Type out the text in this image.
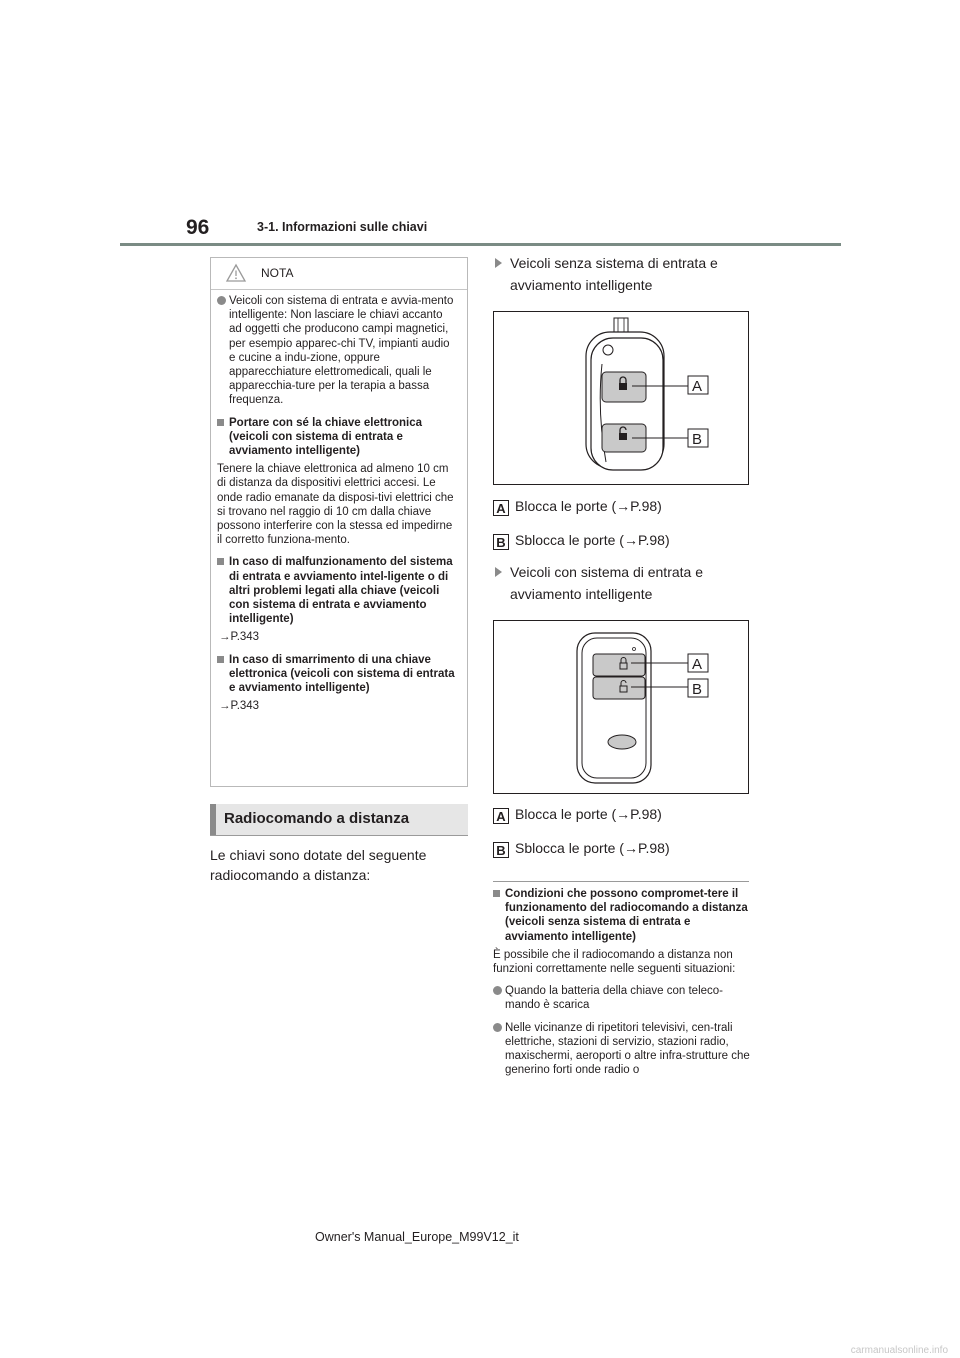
96	3-1. Informazioni sulle chiavi
NOTA

Veicoli con sistema di entrata e avvia-mento intelligente: Non lasciare le chiavi accanto ad oggetti che producono campi magnetici, per esempio apparec-chi TV, impianti audio e cucine a indu-zione, oppure apparecchiature elettromedicali, quali le apparecchia-ture per la terapia a bassa frequenza.

Portare con sé la chiave elettronica (veicoli con sistema di entrata e avviamento intelligente)

Tenere la chiave elettronica ad almeno 10 cm di distanza da dispositivi elettrici accesi. Le onde radio emanate da disposi-tivi elettrici che si trovano nel raggio di 10 cm dalla chiave possono interferire con la stessa ed impedirne il corretto funziona-mento.

In caso di malfunzionamento del sistema di entrata e avviamento intel-ligente o di altri problemi legati alla chiave (veicoli con sistema di entrata e avviamento intelligente)

→P.343

In caso di smarrimento di una chiave elettronica (veicoli con sistema di entrata e avviamento intelligente)

→P.343

Radiocomando a distanza
Le chiavi sono dotate del seguente radiocomando a distanza:
Veicoli senza sistema di entrata e avviamento intelligente
A
B
A Blocca le porte (→P.98)
B Sblocca le porte (→P.98)
Veicoli con sistema di entrata e avviamento intelligente
A
B
A Blocca le porte (→P.98)
B Sblocca le porte (→P.98)

Condizioni che possono compromet-tere il funzionamento del radiocomando a distanza (veicoli senza sistema di entrata e avviamento intelligente)

È possibile che il radiocomando a distanza non funzioni correttamente nelle seguenti situazioni:

Quando la batteria della chiave con teleco-mando è scarica

Nelle vicinanze di ripetitori televisivi, cen-trali elettriche, stazioni di servizio, stazioni radio, maxischermi, aeroporti o altre infra-strutture che generino forti onde radio o

Owner's Manual_Europe_M99V12_it
carmanualsonline.info
